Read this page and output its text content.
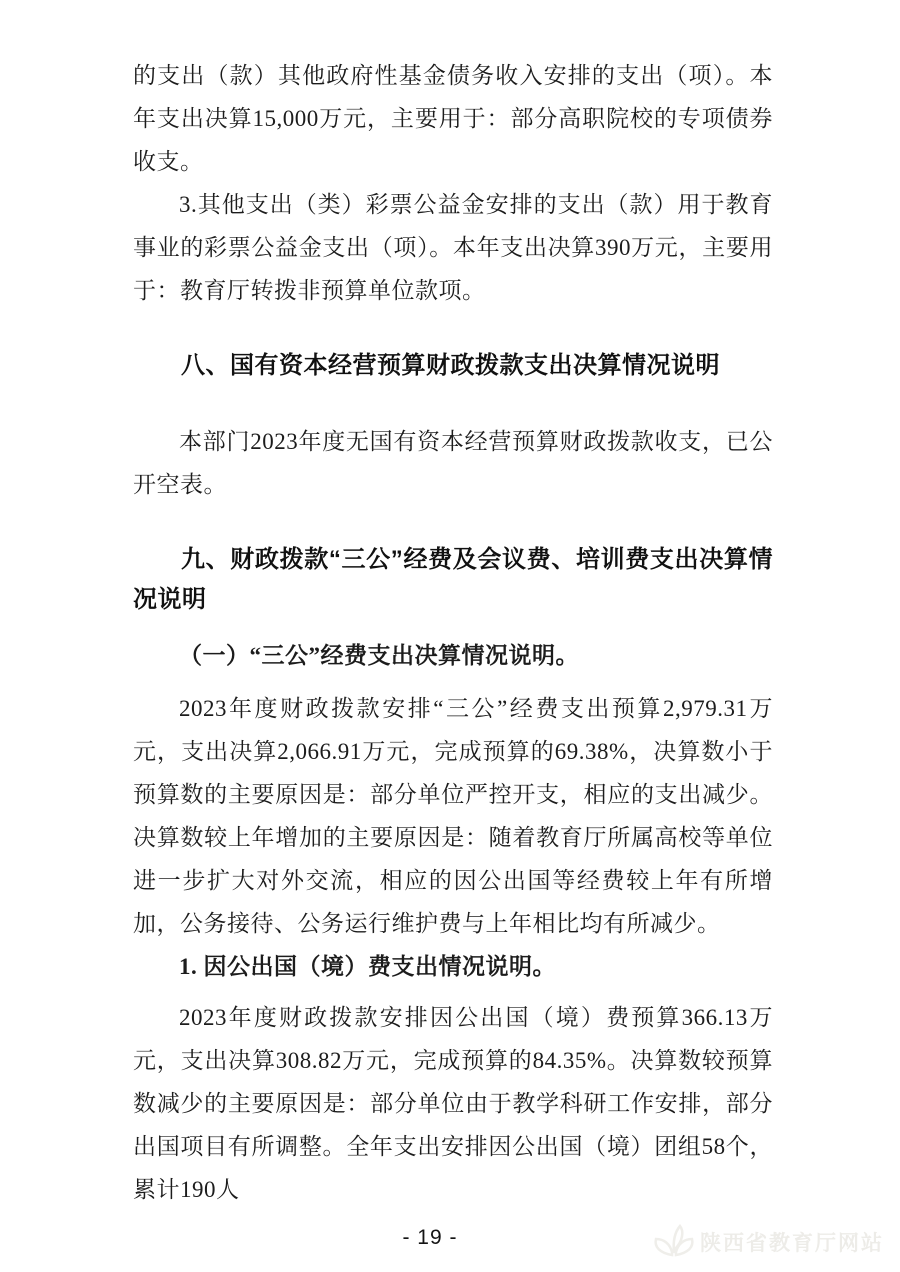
的支出（款）其他政府性基金债务收入安排的支出（项）。本年支出决算15,000万元，主要用于：部分高职院校的专项债券收支。

3.其他支出（类）彩票公益金安排的支出（款）用于教育事业的彩票公益金支出（项）。本年支出决算390万元，主要用于：教育厅转拨非预算单位款项。

八、国有资本经营预算财政拨款支出决算情况说明

本部门2023年度无国有资本经营预算财政拨款收支，已公开空表。

九、财政拨款“三公”经费及会议费、培训费支出决算情况说明

（一）“三公”经费支出决算情况说明。

2023年度财政拨款安排“三公”经费支出预算2,979.31万元，支出决算2,066.91万元，完成预算的69.38%，决算数小于预算数的主要原因是：部分单位严控开支，相应的支出减少。决算数较上年增加的主要原因是：随着教育厅所属高校等单位进一步扩大对外交流，相应的因公出国等经费较上年有所增加，公务接待、公务运行维护费与上年相比均有所减少。

1. 因公出国（境）费支出情况说明。

2023年度财政拨款安排因公出国（境）费预算366.13万元，支出决算308.82万元，完成预算的84.35%。决算数较预算数减少的主要原因是：部分单位由于教学科研工作安排，部分出国项目有所调整。全年支出安排因公出国（境）团组58个，累计190人

- 19 -	陕西省教育厅网站
